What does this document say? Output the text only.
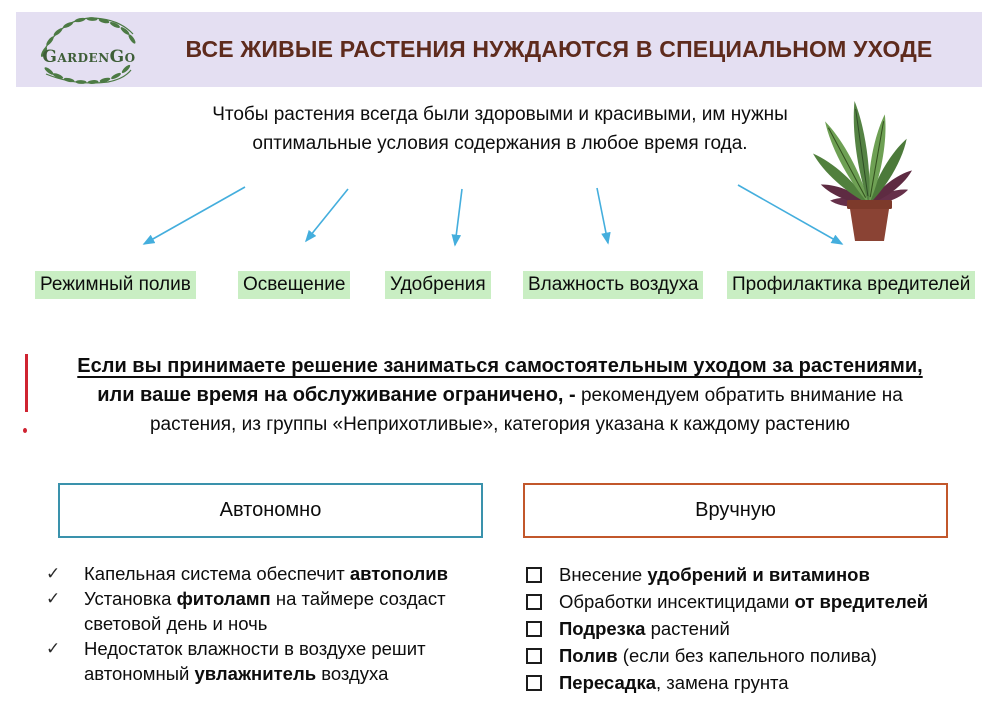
ВСЕ ЖИВЫЕ РАСТЕНИЯ НУЖДАЮТСЯ В СПЕЦИАЛЬНОМ УХОДЕ
GardenGo
Чтобы растения всегда были здоровыми и красивыми, им нужны
оптимальные условия содержания в любое время года.
Режимный полив	Освещение Удобрения Влажность воздуха Профилактика вредителей
Если вы принимаете решение заниматься самостоятельным уходом за растениями,
или ваше время на обслуживание ограничено, - рекомендуем обратить внимание на
растения, из группы «Неприхотливые», категория указана к каждому растению
Автономно	Вручную
✓	Капельная система обеспечит автополив
✓	Установка фитоламп на таймере создаст световой день и ночь
✓	Недостаток влажности в воздухе решит автономный увлажнитель воздуха
Внесение удобрений и витаминов
Обработки инсектицидами от вредителей
Подрезка растений
Полив (если без капельного полива)
Пересадка, замена грунта
